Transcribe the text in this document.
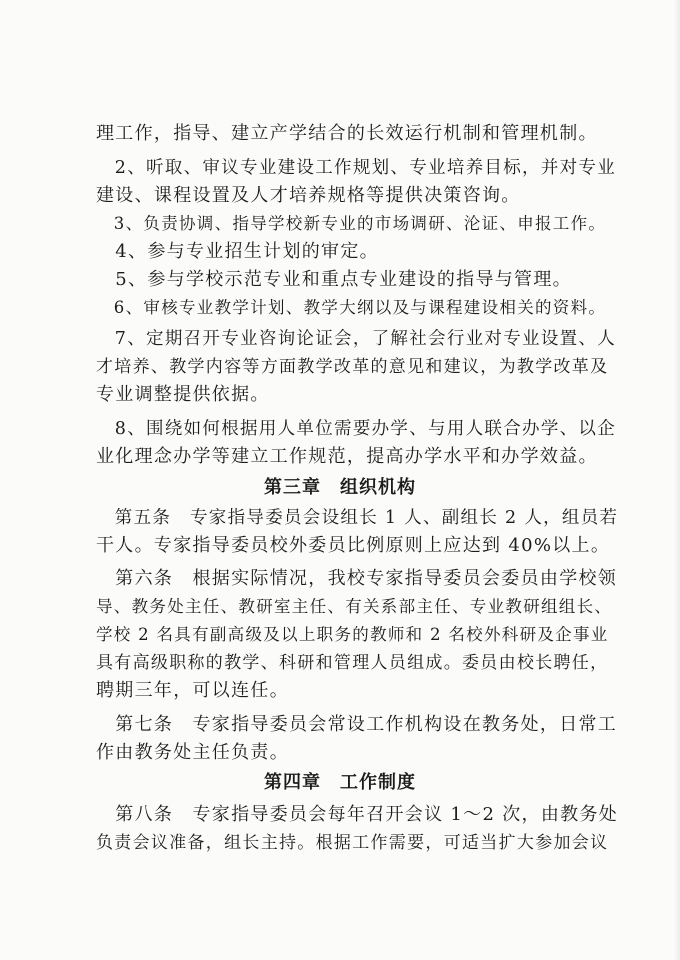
理工作，指导、建立产学结合的长效运行机制和管理机制。
　2、听取、审议专业建设工作规划、专业培养目标，并对专业
建设、课程设置及人才培养规格等提供决策咨询。
　3、负责协调、指导学校新专业的市场调研、沦证、申报工作。
　4、参与专业招生计划的审定。
　5、参与学校示范专业和重点专业建设的指导与管理。
　6、审核专业教学计划、教学大纲以及与课程建设相关的资料。
　7、定期召开专业咨询论证会，了解社会行业对专业设置、人
才培养、教学内容等方面教学改革的意见和建议，为教学改革及
专业调整提供依据。
　8、围绕如何根据用人单位需要办学、与用人联合办学、以企
业化理念办学等建立工作规范，提高办学水平和办学效益。
第三章　组织机构
　第五条　专家指导委员会设组长 1 人、副组长 2 人，组员若
干人。专家指导委员校外委员比例原则上应达到 40%以上。
　第六条　根据实际情况，我校专家指导委员会委员由学校领
导、教务处主任、教研室主任、有关系部主任、专业教研组组长、
学校 2 名具有副高级及以上职务的教师和 2 名校外科研及企事业
具有高级职称的教学、科研和管理人员组成。委员由校长聘任，
聘期三年，可以连任。
　第七条　专家指导委员会常设工作机构设在教务处，日常工
作由教务处主任负责。
第四章　工作制度
　第八条　专家指导委员会每年召开会议 1～2 次，由教务处
负责会议准备，组长主持。根据工作需要，可适当扩大参加会议
